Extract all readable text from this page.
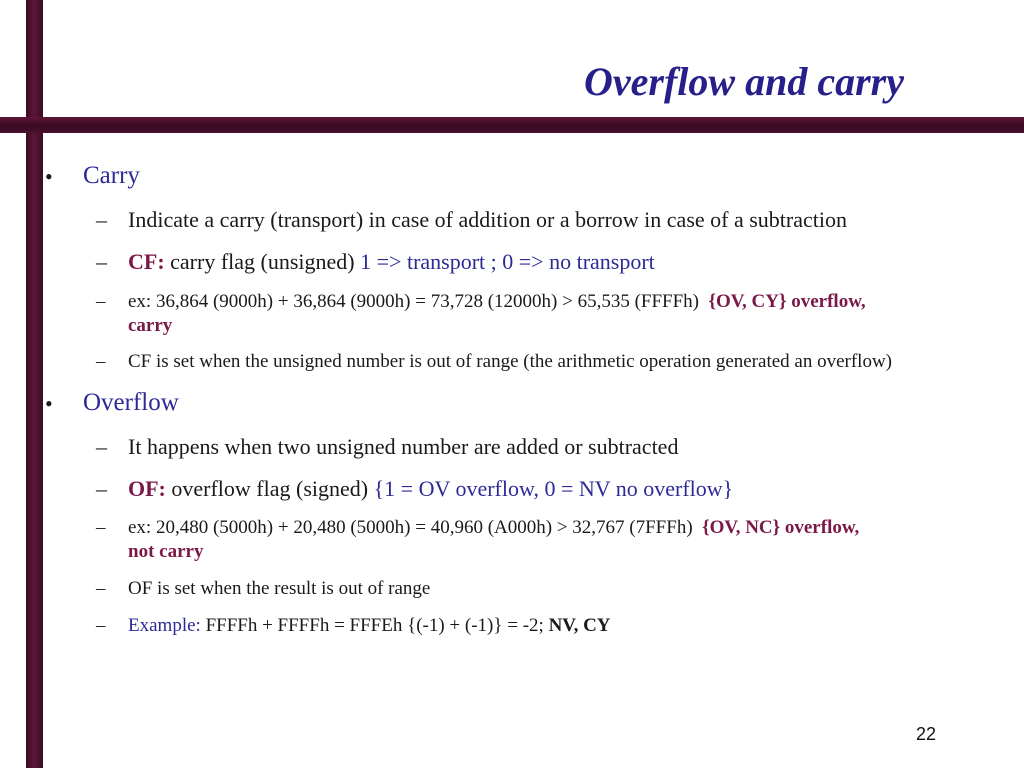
Overflow and carry
• Carry
– Indicate a carry (transport) in case of addition or a borrow in case of a subtraction
– CF: carry flag (unsigned) 1 => transport ; 0 => no transport
– ex: 36,864 (9000h) + 36,864 (9000h) = 73,728 (12000h) > 65,535 (FFFFh) {OV, CY} overflow,
carry
– CF is set when the unsigned number is out of range (the arithmetic operation generated an overflow)
• Overflow
– It happens when two unsigned number are added or subtracted
– OF: overflow flag (signed) {1 = OV overflow, 0 = NV no overflow}
– ex: 20,480 (5000h) + 20,480 (5000h) = 40,960 (A000h) > 32,767 (7FFFh) {OV, NC} overflow,
not carry
– OF is set when the result is out of range
– Example: FFFFh + FFFFh = FFFEh {(-1) + (-1)} = -2; NV, CY
22
